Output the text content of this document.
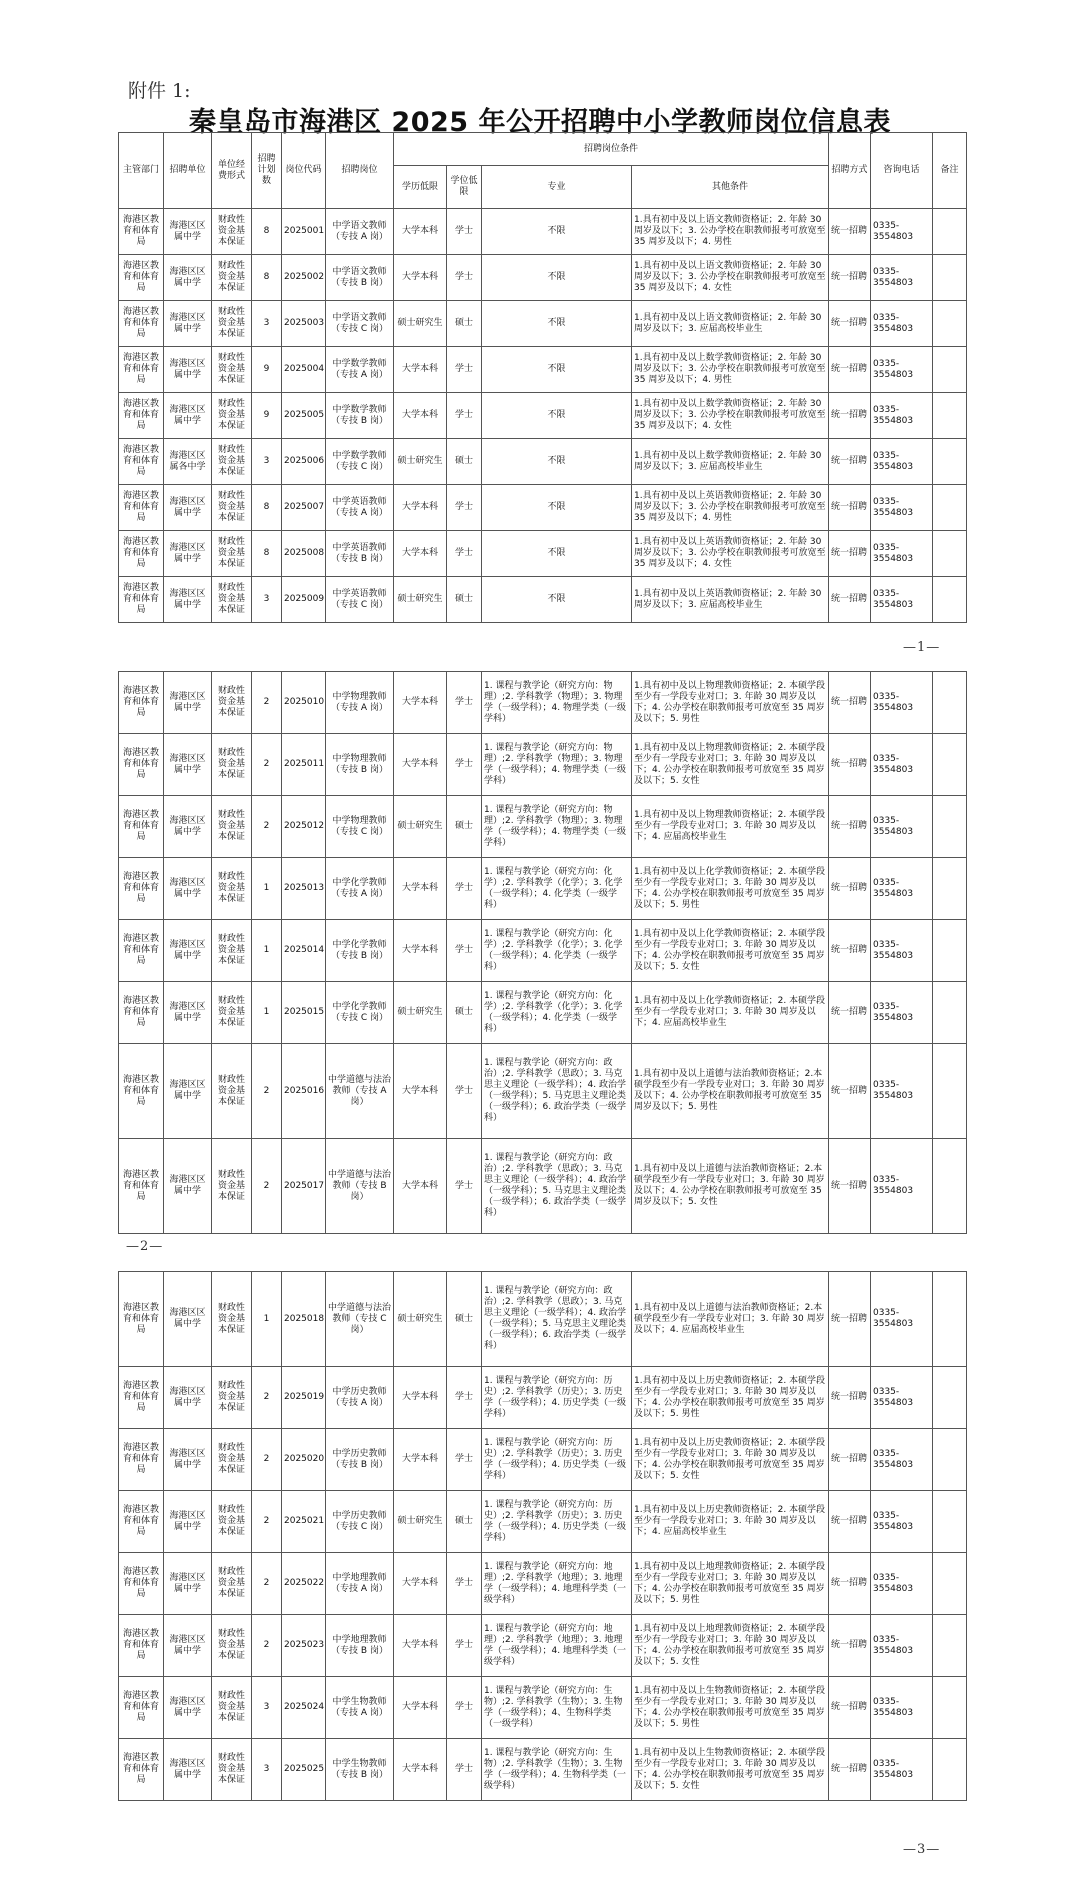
附件 1:
秦皇岛市海港区 2025 年公开招聘中小学教师岗位信息表
主管部门	招聘单位	单位经费形式	招聘计划数	岗位代码	招聘岗位	招聘岗位条件				招聘方式	咨询电话	备注
						学历低限	学位低限	专业	其他条件			
海港区教育和体育局	海港区区属中学	财政性资金基本保证	8	2025001	中学语文教师（专技 A 岗）	大学本科	学士	不限	1.具有初中及以上语文教师资格证；2. 年龄 30 周岁及以下；3. 公办学校在职教师报考可放宽至 35 周岁及以下；4. 男性	统一招聘	0335-3554803	
海港区教育和体育局	海港区区属中学	财政性资金基本保证	8	2025002	中学语文教师（专技 B 岗）	大学本科	学士	不限	1.具有初中及以上语文教师资格证；2. 年龄 30 周岁及以下；3. 公办学校在职教师报考可放宽至 35 周岁及以下；4. 女性	统一招聘	0335-3554803	
海港区教育和体育局	海港区区属中学	财政性资金基本保证	3	2025003	中学语文教师（专技 C 岗）	硕士研究生	硕士	不限	1.具有初中及以上语文教师资格证；2. 年龄 30 周岁及以下；3. 应届高校毕业生	统一招聘	0335-3554803	
海港区教育和体育局	海港区区属中学	财政性资金基本保证	9	2025004	中学数学教师（专技 A 岗）	大学本科	学士	不限	1.具有初中及以上数学教师资格证；2. 年龄 30 周岁及以下；3. 公办学校在职教师报考可放宽至 35 周岁及以下；4. 男性	统一招聘	0335-3554803	
海港区教育和体育局	海港区区属中学	财政性资金基本保证	9	2025005	中学数学教师（专技 B 岗）	大学本科	学士	不限	1.具有初中及以上数学教师资格证；2. 年龄 30 周岁及以下；3. 公办学校在职教师报考可放宽至 35 周岁及以下；4. 女性	统一招聘	0335-3554803	
海港区教育和体育局	海港区区属各中学	财政性资金基本保证	3	2025006	中学数学教师（专技 C 岗）	硕士研究生	硕士	不限	1.具有初中及以上数学教师资格证；2. 年龄 30 周岁及以下；3. 应届高校毕业生	统一招聘	0335-3554803	
海港区教育和体育局	海港区区属中学	财政性资金基本保证	8	2025007	中学英语教师（专技 A 岗）	大学本科	学士	不限	1.具有初中及以上英语教师资格证；2. 年龄 30 周岁及以下；3. 公办学校在职教师报考可放宽至 35 周岁及以下；4. 男性	统一招聘	0335-3554803	
海港区教育和体育局	海港区区属中学	财政性资金基本保证	8	2025008	中学英语教师（专技 B 岗）	大学本科	学士	不限	1.具有初中及以上英语教师资格证；2. 年龄 30 周岁及以下；3. 公办学校在职教师报考可放宽至 35 周岁及以下；4. 女性	统一招聘	0335-3554803	
海港区教育和体育局	海港区区属中学	财政性资金基本保证	3	2025009	中学英语教师（专技 C 岗）	硕士研究生	硕士	不限	1.具有初中及以上英语教师资格证；2. 年龄 30 周岁及以下；3. 应届高校毕业生	统一招聘	0335-3554803	
—1—
海港区教育和体育局	海港区区属中学	财政性资金基本保证	2	2025010	中学物理教师（专技 A 岗）	大学本科	学士	1. 课程与教学论（研究方向：物理）;2. 学科教学（物理）；3. 物理学（一级学科）；4. 物理学类（一级学科）	1.具有初中及以上物理教师资格证；2. 本硕学段至少有一学段专业对口；3. 年龄 30 周岁及以下；4. 公办学校在职教师报考可放宽至 35 周岁及以下；5. 男性	统一招聘	0335-3554803	
海港区教育和体育局	海港区区属中学	财政性资金基本保证	2	2025011	中学物理教师（专技 B 岗）	大学本科	学士	1. 课程与教学论（研究方向：物理）;2. 学科教学（物理）；3. 物理学（一级学科）；4. 物理学类（一级学科）	1.具有初中及以上物理教师资格证；2. 本硕学段至少有一学段专业对口；3. 年龄 30 周岁及以下；4. 公办学校在职教师报考可放宽至 35 周岁及以下；5. 女性	统一招聘	0335-3554803	
海港区教育和体育局	海港区区属中学	财政性资金基本保证	2	2025012	中学物理教师（专技 C 岗）	硕士研究生	硕士	1. 课程与教学论（研究方向：物理）;2. 学科教学（物理）；3. 物理学（一级学科）；4. 物理学类（一级学科）	1.具有初中及以上物理教师资格证；2. 本硕学段至少有一学段专业对口；3. 年龄 30 周岁及以下；4. 应届高校毕业生	统一招聘	0335-3554803	
海港区教育和体育局	海港区区属中学	财政性资金基本保证	1	2025013	中学化学教师（专技 A 岗）	大学本科	学士	1. 课程与教学论（研究方向：化学）;2. 学科教学（化学）；3. 化学（一级学科）；4. 化学类（一级学科）	1.具有初中及以上化学教师资格证；2. 本硕学段至少有一学段专业对口；3. 年龄 30 周岁及以下；4. 公办学校在职教师报考可放宽至 35 周岁及以下；5. 男性	统一招聘	0335-3554803	
海港区教育和体育局	海港区区属中学	财政性资金基本保证	1	2025014	中学化学教师（专技 B 岗）	大学本科	学士	1. 课程与教学论（研究方向：化学）;2. 学科教学（化学）；3. 化学（一级学科）；4. 化学类（一级学科）	1.具有初中及以上化学教师资格证；2. 本硕学段至少有一学段专业对口；3. 年龄 30 周岁及以下；4. 公办学校在职教师报考可放宽至 35 周岁及以下；5. 女性	统一招聘	0335-3554803	
海港区教育和体育局	海港区区属中学	财政性资金基本保证	1	2025015	中学化学教师（专技 C 岗）	硕士研究生	硕士	1. 课程与教学论（研究方向：化学）;2. 学科教学（化学）；3. 化学（一级学科）；4. 化学类（一级学科）	1.具有初中及以上化学教师资格证；2. 本硕学段至少有一学段专业对口；3. 年龄 30 周岁及以下；4. 应届高校毕业生	统一招聘	0335-3554803	
海港区教育和体育局	海港区区属中学	财政性资金基本保证	2	2025016	中学道德与法治教师（专技 A 岗）	大学本科	学士	1. 课程与教学论（研究方向：政治）;2. 学科教学（思政）；3. 马克思主义理论（一级学科）；4. 政治学（一级学科）；5. 马克思主义理论类（一级学科）；6. 政治学类（一级学科）	1.具有初中及以上道德与法治教师资格证；2.本硕学段至少有一学段专业对口；3. 年龄 30 周岁及以下；4. 公办学校在职教师报考可放宽至 35 周岁及以下；5. 男性	统一招聘	0335-3554803	
海港区教育和体育局	海港区区属中学	财政性资金基本保证	2	2025017	中学道德与法治教师（专技 B 岗）	大学本科	学士	1. 课程与教学论（研究方向：政治）;2. 学科教学（思政）；3. 马克思主义理论（一级学科）；4. 政治学（一级学科）；5. 马克思主义理论类（一级学科）；6. 政治学类（一级学科）	1.具有初中及以上道德与法治教师资格证；2.本硕学段至少有一学段专业对口；3. 年龄 30 周岁及以下；4. 公办学校在职教师报考可放宽至 35 周岁及以下；5. 女性	统一招聘	0335-3554803	
—2—
海港区教育和体育局	海港区区属中学	财政性资金基本保证	1	2025018	中学道德与法治教师（专技 C 岗）	硕士研究生	硕士	1. 课程与教学论（研究方向：政治）;2. 学科教学（思政）；3. 马克思主义理论（一级学科）；4. 政治学（一级学科）；5. 马克思主义理论类（一级学科）；6. 政治学类（一级学科）	1.具有初中及以上道德与法治教师资格证；2.本硕学段至少有一学段专业对口；3. 年龄 30 周岁及以下；4. 应届高校毕业生	统一招聘	0335-3554803	
海港区教育和体育局	海港区区属中学	财政性资金基本保证	2	2025019	中学历史教师（专技 A 岗）	大学本科	学士	1. 课程与教学论（研究方向：历史）;2. 学科教学（历史）；3. 历史学（一级学科）；4. 历史学类（一级学科）	1.具有初中及以上历史教师资格证；2. 本硕学段至少有一学段专业对口；3. 年龄 30 周岁及以下；4. 公办学校在职教师报考可放宽至 35 周岁及以下；5. 男性	统一招聘	0335-3554803	
海港区教育和体育局	海港区区属中学	财政性资金基本保证	2	2025020	中学历史教师（专技 B 岗）	大学本科	学士	1. 课程与教学论（研究方向：历史）;2. 学科教学（历史）；3. 历史学（一级学科）；4. 历史学类（一级学科）	1.具有初中及以上历史教师资格证；2. 本硕学段至少有一学段专业对口；3. 年龄 30 周岁及以下；4. 公办学校在职教师报考可放宽至 35 周岁及以下；5. 女性	统一招聘	0335-3554803	
海港区教育和体育局	海港区区属中学	财政性资金基本保证	2	2025021	中学历史教师（专技 C 岗）	硕士研究生	硕士	1. 课程与教学论（研究方向：历史）;2. 学科教学（历史）；3. 历史学（一级学科）；4. 历史学类（一级学科）	1.具有初中及以上历史教师资格证；2. 本硕学段至少有一学段专业对口；3. 年龄 30 周岁及以下；4. 应届高校毕业生	统一招聘	0335-3554803	
海港区教育和体育局	海港区区属中学	财政性资金基本保证	2	2025022	中学地理教师（专技 A 岗）	大学本科	学士	1. 课程与教学论（研究方向：地理）;2. 学科教学（地理）；3. 地理学（一级学科）；4. 地理科学类（一级学科）	1.具有初中及以上地理教师资格证；2. 本硕学段至少有一学段专业对口；3. 年龄 30 周岁及以下；4. 公办学校在职教师报考可放宽至 35 周岁及以下；5. 男性	统一招聘	0335-3554803	
海港区教育和体育局	海港区区属中学	财政性资金基本保证	2	2025023	中学地理教师（专技 B 岗）	大学本科	学士	1. 课程与教学论（研究方向：地理）;2. 学科教学（地理）；3. 地理学（一级学科）；4. 地理科学类（一级学科）	1.具有初中及以上地理教师资格证；2. 本硕学段至少有一学段专业对口；3. 年龄 30 周岁及以下；4. 公办学校在职教师报考可放宽至 35 周岁及以下；5. 女性	统一招聘	0335-3554803	
海港区教育和体育局	海港区区属中学	财政性资金基本保证	3	2025024	中学生物教师（专技 A 岗）	大学本科	学士	1. 课程与教学论（研究方向：生物）;2. 学科教学（生物）；3. 生物学（一级学科）；4、生物科学类（一级学科）	1.具有初中及以上生物教师资格证；2. 本硕学段至少有一学段专业对口；3. 年龄 30 周岁及以下；4. 公办学校在职教师报考可放宽至 35 周岁及以下；5. 男性	统一招聘	0335-3554803	
海港区教育和体育局	海港区区属中学	财政性资金基本保证	3	2025025	中学生物教师（专技 B 岗）	大学本科	学士	1. 课程与教学论（研究方向：生物）;2. 学科教学（生物）；3. 生物学（一级学科）；4. 生物科学类（一级学科）	1.具有初中及以上生物教师资格证；2. 本硕学段至少有一学段专业对口；3. 年龄 30 周岁及以下；4. 公办学校在职教师报考可放宽至 35 周岁及以下；5. 女性	统一招聘	0335-3554803	
—3—
